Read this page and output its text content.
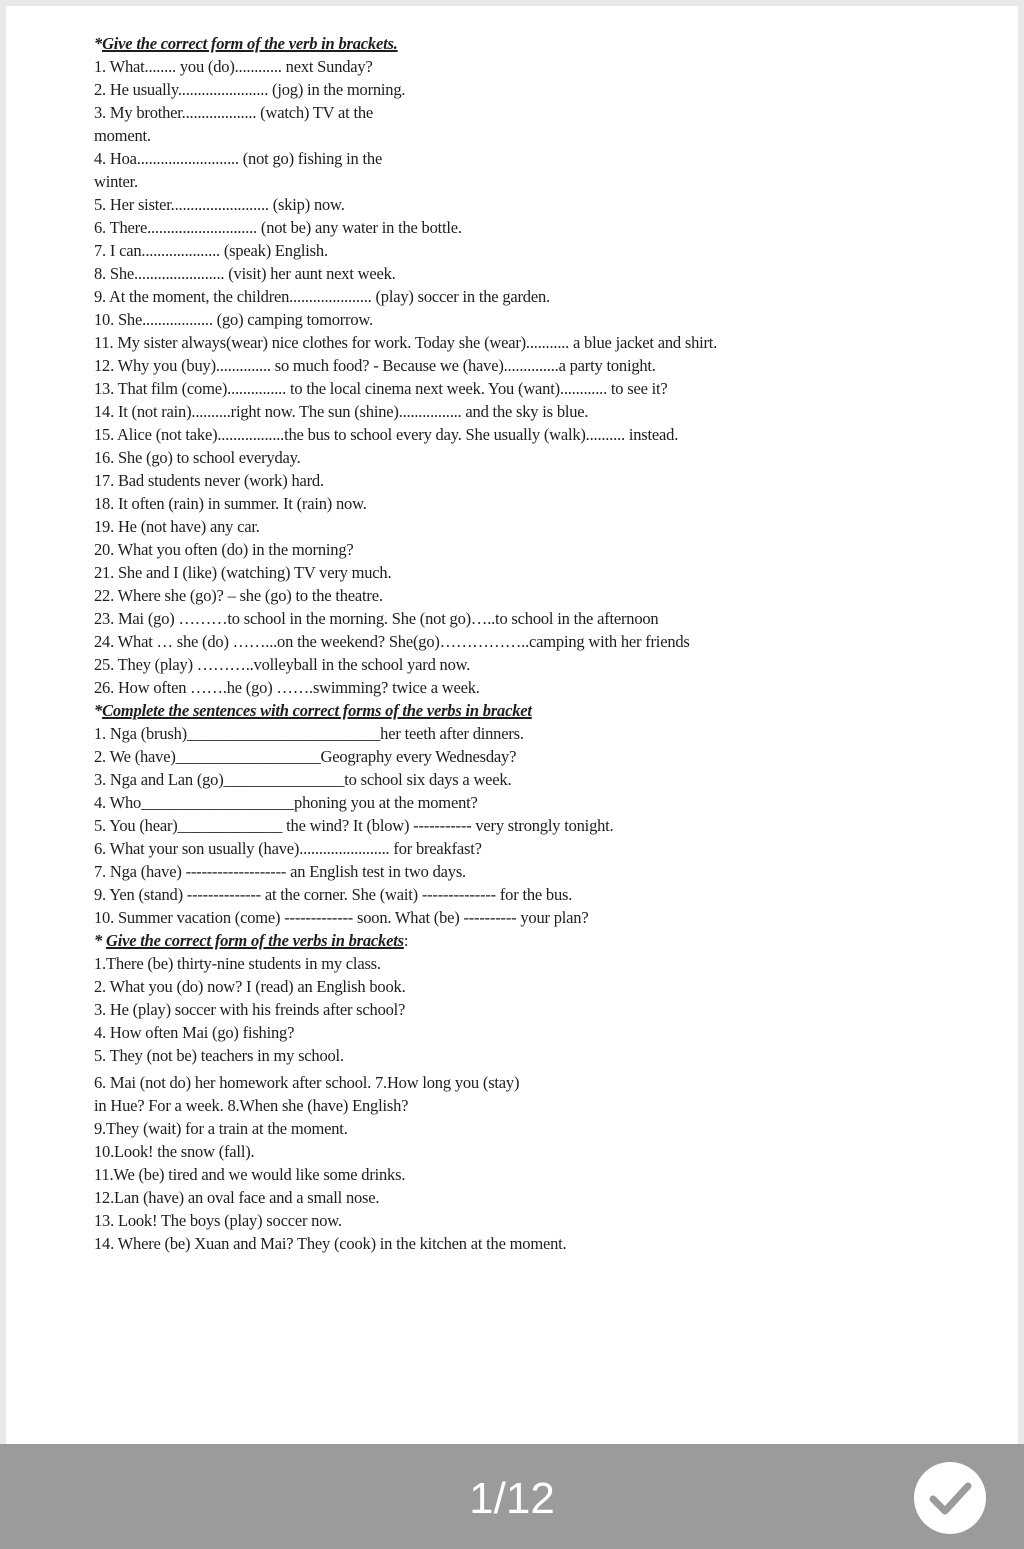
*Give the correct form of the verb in brackets.
1. What........ you (do)............ next Sunday?
2. He usually....................... (jog) in the morning.
3. My brother................... (watch) TV at the
moment.
4. Hoa.......................... (not go) fishing in the
winter.
5. Her sister......................... (skip) now.
6. There............................ (not be) any water in the bottle.
7. I can.................... (speak) English.
8. She....................... (visit) her aunt next week.
9. At the moment, the children..................... (play) soccer in the garden.
10. She.................. (go) camping tomorrow.
11. My sister always(wear) nice clothes for work. Today she (wear)........... a blue jacket and shirt.
12. Why you (buy).............. so much food? - Because we (have)..............a party tonight.
13. That film (come)............... to the local cinema next week. You (want)............ to see it?
14. It (not rain)..........right now. The sun (shine)................ and the sky is blue.
15. Alice (not take).................the bus to school every day. She usually (walk).......... instead.
16. She (go) to school everyday.
17. Bad students never (work) hard.
18. It often (rain) in summer. It (rain) now.
19. He (not have) any car.
20. What you often (do) in the morning?
21. She and I (like) (watching) TV very much.
22. Where she (go)? – she (go) to the theatre.
23. Mai (go) ………to school in the morning. She (not go)…..to school in the afternoon
24. What … she (do) ……...on the weekend? She(go)……………..camping with her friends
25. They (play) ………..volleyball in the school yard now.
26. How often …….he (go) …….swimming? twice a week.
*Complete the sentences with correct forms of the verbs in bracket
1. Nga (brush)________________________her teeth after dinners.
2. We (have)__________________Geography every Wednesday?
3. Nga and Lan (go)_______________to school six days a week.
4. Who___________________phoning you at the moment?
5. You (hear)_____________ the wind? It (blow) ----------- very strongly tonight.
6. What your son usually (have)....................... for breakfast?
7. Nga (have) ------------------- an English test in two days.
9. Yen (stand) -------------- at the corner. She (wait) -------------- for the bus.
10. Summer vacation (come) ------------- soon. What (be) ---------- your plan?
* Give the correct form of the verbs in brackets:
1.There (be) thirty-nine students in my class.
2. What you (do) now? I (read) an English book.
3. He (play) soccer with his freinds after school?
4. How often Mai (go) fishing?
5. They (not be) teachers in my school.
6. Mai (not do) her homework after school. 7.How long you (stay) in Hue? For a week. 8.When she (have) English?
9.They (wait) for a train at the moment.
10.Look! the snow (fall).
11.We (be) tired and we would like some drinks.
12.Lan (have) an oval face and a small nose.
13. Look! The boys (play) soccer now.
14. Where (be) Xuan and Mai? They (cook) in the kitchen at the moment.
1/12
